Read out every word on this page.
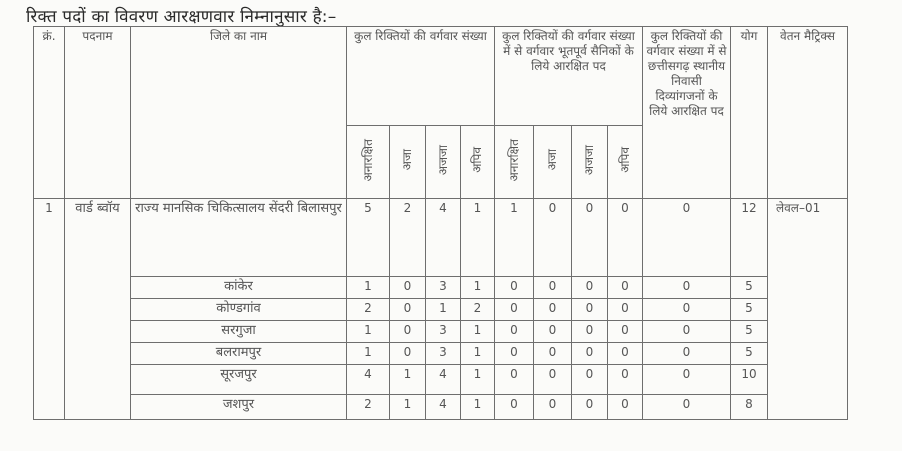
रिक्त पदों का विवरण आरक्षणवार निम्नानुसार है:–
क्रं.	पदनाम	जिले का नाम	कुल रिक्तियों की वर्गवार संख्या				कुल रिक्तियों की वर्गवार संख्या में से वर्गवार भूतपूर्व सैनिकों के लिये आरक्षित पद				कुल रिक्तियों की वर्गवार संख्या में से छत्तीसगढ़ स्थानीय निवासी दिव्यांगजनों के लिये आरक्षित पद	योग	वेतन मैट्रिक्स
			अनारक्षित	अजा	अजजा	अपिव	अनारक्षित	अजा	अजजा	अपिव			
1	वार्ड ब्वॉय	राज्य मानसिक चिकित्सालय सेंदरी बिलासपुर	5	2	4	1	1	0	0	0	0	12	लेवल–01
		कांकेर	1	0	3	1	0	0	0	0	0	5	
		कोण्डगांव	2	0	1	2	0	0	0	0	0	5	
		सरगुजा	1	0	3	1	0	0	0	0	0	5	
		बलरामपुर	1	0	3	1	0	0	0	0	0	5	
		सूरजपुर	4	1	4	1	0	0	0	0	0	10	
		जशपुर	2	1	4	1	0	0	0	0	0	8	
